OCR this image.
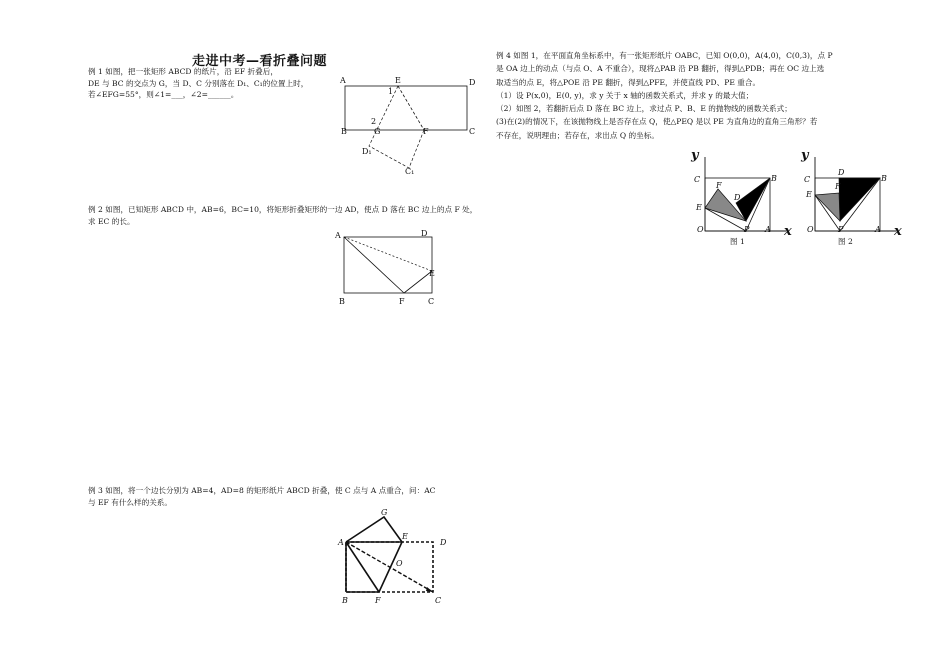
走进中考—看折叠问题
例 1 如图，把一张矩形 ABCD 的纸片，沿 EF 折叠后，
DE 与 BC 的交点为 G，当 D、C 分别落在 D₁、C₁的位置上时，
若∠EFG=55°，则∠1=___，∠2=______。
A	E	D
1
2
B	G	F	C
D₁
C₁
例 2 如图，已知矩形 ABCD 中，AB=6，BC=10，将矩形折叠矩形的一边 AD，使点 D 落在 BC 边上的点 F 处，
求 EC 的长。
A	D
E
B	F	C
例 3 如图，将一个边长分别为 AB=4，AD=8 的矩形纸片 ABCD 折叠，使 C 点与 A 点重合，问：AC
与 EF 有什么样的关系。
A
G
E
D
O
B	F	C
例 4 如图 1，在平面直角坐标系中，有一张矩形纸片 OABC，已知 O(0,0)，A(4,0)，C(0,3)，点 P
是 OA 边上的动点（与点 O、A 不重合），现将△PAB 沿 PB 翻折，得到△PDB；再在 OC 边上选
取适当的点 E，将△POE 沿 PE 翻折，得到△PFE，并使直线 PD、PE 重合。
（1）设 P(x,0)，E(0, y)，求 y 关于 x 轴的函数关系式，并求 y 的最大值；
（2）如图 2，若翻折后点 D 落在 BC 边上，求过点 P、B、E 的抛物线的函数关系式；
(3)在(2)的情况下，在该抛物线上是否存在点 Q，使△PEQ 是以 PE 为直角边的直角三角形？若
不存在，说明理由；若存在，求出点 Q 的坐标。
y
x
C	B
F
D
E
O	P A
图 1
y
x
C
D
B
F
E
O	P	A
图 2
